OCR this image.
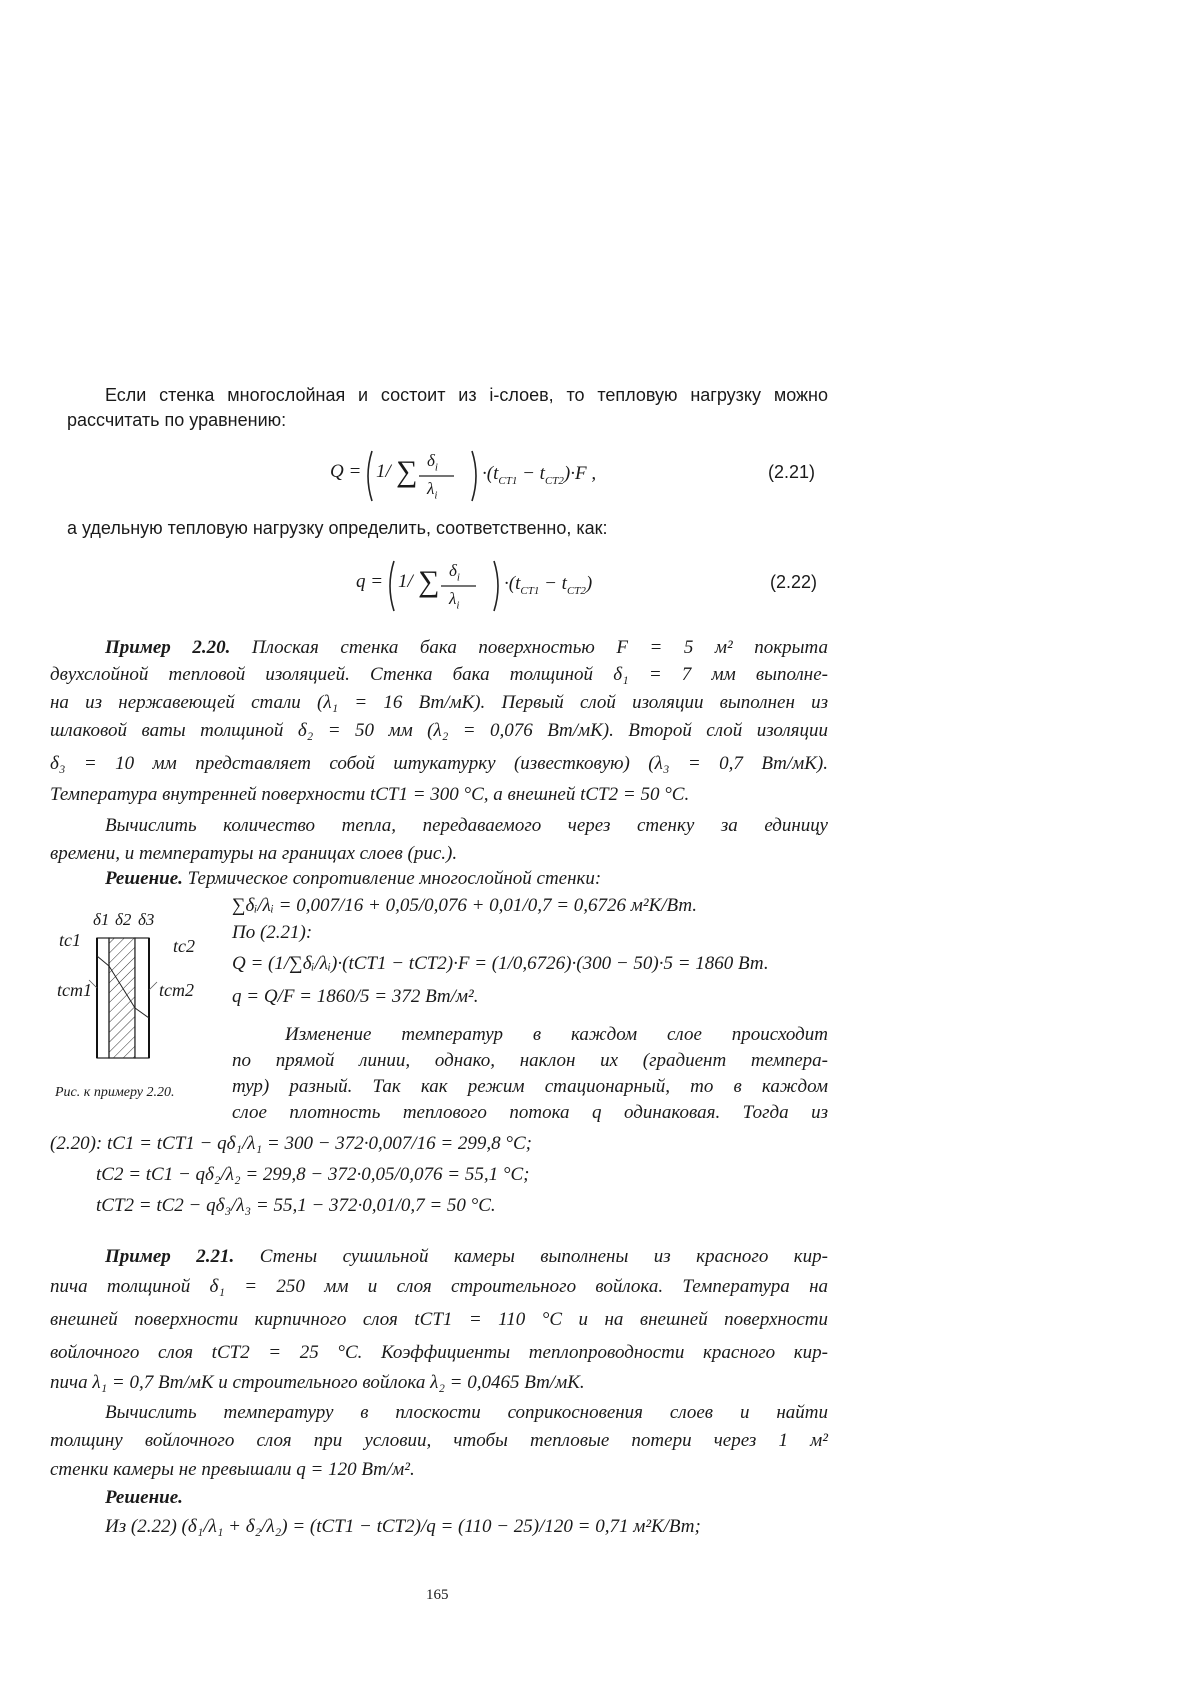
Если стенка многослойная и состоит из i-слоев, то тепловую нагрузку можно
рассчитать по уравнению:
Q = 1/ ∑ $\delta_i$
$\lambda_i$
$\cdot(t_{CT1} - t_{CT2})\cdot F$ ,	(2.21)
а удельную тепловую нагрузку определить, соответственно, как:
q = 1/ ∑ $\delta_i$
$\lambda_i$
$\cdot(t_{CT1} - t_{CT2})$	(2.22)
Пример 2.20. Плоская стенка бака поверхностью F = 5 м² покрыта
двухслойной тепловой изоляцией. Стенка бака толщиной δ₁ = 7 мм выполне-
на из нержавеющей стали (λ₁ = 16 Вт/мК). Первый слой изоляции выполнен из
шлаковой ваты толщиной δ₂ = 50 мм (λ₂ = 0,076 Вт/мК). Второй слой изоляции
δ₃ = 10 мм представляет собой штукатурку (известковую) (λ₃ = 0,7 Вт/мК).
Температура внутренней поверхности tСТ1 = 300 °С, а внешней tСТ2 = 50 °С.
Вычислить количество тепла, передаваемого через стенку за единицу
времени, и температуры на границах слоев (рис.).
Решение. Термическое сопротивление многослойной стенки:
∑δᵢ/λᵢ = 0,007/16 + 0,05/0,076 + 0,01/0,7 = 0,6726 м²К/Вт.
По (2.21):
Q = (1/∑δᵢ/λᵢ)·(tСТ1 − tСТ2)·F = (1/0,6726)·(300 − 50)·5 = 1860 Вт.
q = Q/F = 1860/5 = 372 Вт/м².
δ1 δ2 δ3
tc1	tc2
tcm1	tcm2
Рис. к примеру 2.20.
Изменение температур в каждом слое происходит
по прямой линии, однако, наклон их (градиент темпера-
тур) разный. Так как режим стационарный, то в каждом
слое плотность теплового потока q одинаковая. Тогда из
(2.20): tС1 = tСТ1 − qδ₁/λ₁ = 300 − 372·0,007/16 = 299,8 °С;
tС2 = tС1 − qδ₂/λ₂ = 299,8 − 372·0,05/0,076 = 55,1 °С;
tСТ2 = tС2 − qδ₃/λ₃ = 55,1 − 372·0,01/0,7 = 50 °С.
Пример 2.21. Стены сушильной камеры выполнены из красного кир-
пича толщиной δ₁ = 250 мм и слоя строительного войлока. Температура на
внешней поверхности кирпичного слоя tСТ1 = 110 °С и на внешней поверхности
войлочного слоя tСТ2 = 25 °С. Коэффициенты теплопроводности красного кир-
пича λ₁ = 0,7 Вт/мК и строительного войлока λ₂ = 0,0465 Вт/мК.
Вычислить температуру в плоскости соприкосновения слоев и найти
толщину войлочного слоя при условии, чтобы тепловые потери через 1 м²
стенки камеры не превышали q = 120 Вт/м².
Решение.
Из (2.22) (δ₁/λ₁ + δ₂/λ₂) = (tСТ1 − tСТ2)/q = (110 − 25)/120 = 0,71 м²К/Вт;
165
